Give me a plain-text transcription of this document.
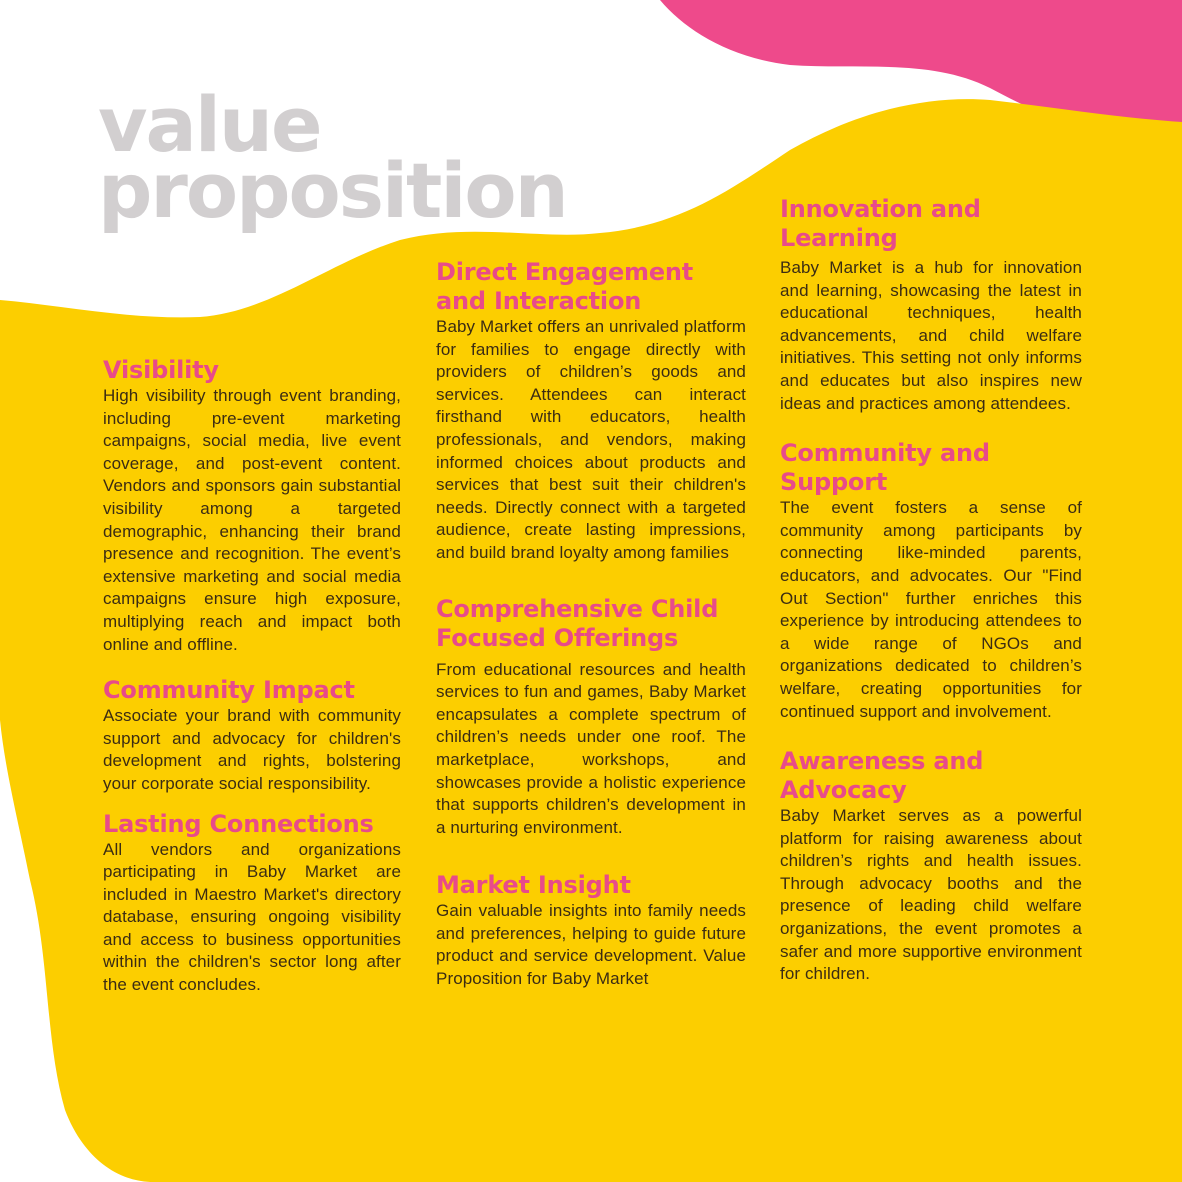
value
proposition
Visibility

High visibility through event branding, including pre-event marketing campaigns, social media, live event coverage, and post-event content. Vendors and sponsors gain substantial visibility among a targeted demographic, enhancing their brand presence and recognition. The event’s extensive marketing and social media campaigns ensure high exposure, multiplying reach and impact both online and offline.

Community Impact

Associate your brand with community support and advocacy for children's development and rights, bolstering your corporate social responsibility.

Lasting Connections

All vendors and organizations participating in Baby Market are included in Maestro Market's directory database, ensuring ongoing visibility and access to business opportunities within the children's sector long after the event concludes.

Direct Engagement and Interaction

Baby Market offers an unrivaled platform for families to engage directly with providers of children’s goods and services. Attendees can interact firsthand with educators, health professionals, and vendors, making informed choices about products and services that best suit their children's needs. Directly connect with a targeted audience, create lasting impressions, and build brand loyalty among families

Comprehensive Child Focused Offerings

From educational resources and health services to fun and games, Baby Market encapsulates a complete spectrum of children’s needs under one roof. The marketplace, workshops, and showcases provide a holistic experience that supports children’s development in a nurturing environment.

Market Insight

Gain valuable insights into family needs and preferences, helping to guide future product and service development. Value Proposition for Baby Market

Innovation and Learning

Baby Market is a hub for innovation and learning, showcasing the latest in educational techniques, health advancements, and child welfare initiatives. This setting not only informs and educates but also inspires new ideas and practices among attendees.

Community and Support

The event fosters a sense of community among participants by connecting like-minded parents, educators, and advocates. Our "Find Out Section" further enriches this experience by introducing attendees to a wide range of NGOs and organizations dedicated to children’s welfare, creating opportunities for continued support and involvement.

Awareness and Advocacy

Baby Market serves as a powerful platform for raising awareness about children’s rights and health issues. Through advocacy booths and the presence of leading child welfare organizations, the event promotes a safer and more supportive environment for children.
